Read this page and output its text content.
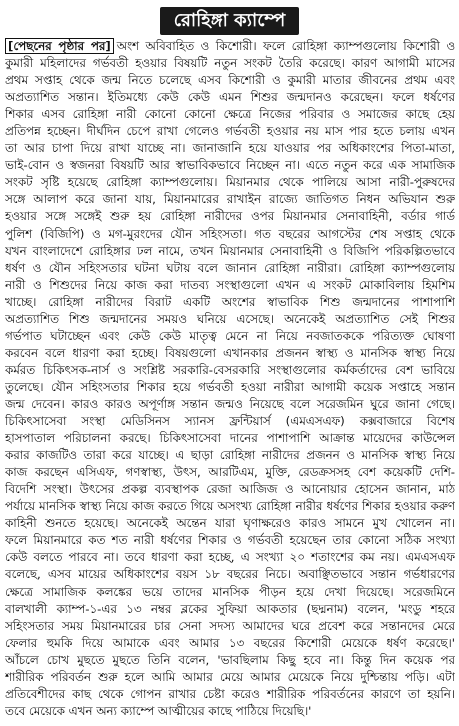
রোহিঙ্গা ক্যাম্পে
[পেছনের পৃষ্ঠার পর] অংশ অবিবাহিত ও কিশোরী। ফলে রোহিঙ্গা ক্যাম্পগুলোয় কিশোরী ও
কুমারী মহিলাদের গর্ভবতী হওয়ার বিষয়টি নতুন সংকট তৈরি করেছে। কারণ আগামী মাসের
প্রথম সপ্তাহ থেকে জন্ম নিতে চলেছে এসব কিশোরী ও কুমারী মাতার জীবনের প্রথম এবং
অপ্রত্যাশিত সন্তান। ইতিমধ্যে কেউ কেউ এমন শিশুর জন্মদানও করেছেন। ফলে ধর্ষণের
শিকার এসব রোহিঙ্গা নারী কোনো কোনো ক্ষেত্রে নিজের পরিবার ও সমাজের কাছে হেয়
প্রতিপন্ন হচ্ছেন। দীর্ঘদিন চেপে রাখা গেলেও গর্ভবতী হওয়ার নয় মাস পার হতে চলায় এখন
তা আর চাপা দিয়ে রাখা যাচ্ছে না। জানাজানি হয়ে যাওয়ার পর অধিকাংশের পিতা-মাতা,
ভাই-বোন ও স্বজনরা বিষয়টি আর স্বাভাবিকভাবে নিচ্ছেন না। এতে নতুন করে এক সামাজিক
সংকট সৃষ্টি হয়েছে রোহিঙ্গা ক্যাম্পগুলোয়। মিয়ানমার থেকে পালিয়ে আসা নারী-পুরুষদের
সঙ্গে আলাপ করে জানা যায়, মিয়ানমারের রাখাইন রাজ্যে জাতিগত নিধন অভিযান শুরু
হওয়ার সঙ্গে সঙ্গেই শুরু হয় রোহিঙ্গা নারীদের ওপর মিয়ানমার সেনাবাহিনী, বর্ডার গার্ড
পুলিশ (বিজিপি) ও মগ-মুরংদের যৌন সহিংসতা। গত বছরের আগস্টের শেষ সপ্তাহ থেকে
যখন বাংলাদেশে রোহিঙ্গার ঢল নামে, তখন মিয়ানমার সেনাবাহিনী ও বিজিপি পরিকল্পিতভাবে
ধর্ষণ ও যৌন সহিংসতার ঘটনা ঘটায় বলে জানান রোহিঙ্গা নারীরা। রোহিঙ্গা ক্যাম্পগুলোয়
নারী ও শিশুদের নিয়ে কাজ করা দাতব্য সংস্থাগুলো এখন এ সংকট মোকাবিলায় হিমশিম
খাচ্ছে। রোহিঙ্গা নারীদের বিরাট একটি অংশের স্বাভাবিক শিশু জন্মদানের পাশাপাশি
অপ্রত্যাশিত শিশু জন্মদানের সময়ও ঘনিয়ে এসেছে। অনেকেই অপ্রত্যাশিত সেই শিশুর
গর্ভপাত ঘটাচ্ছেন এবং কেউ কেউ মাতৃত্ব মেনে না নিয়ে নবজাতককে পরিত্যক্ত ঘোষণা
করবেন বলে ধারণা করা হচ্ছে। বিষয়গুলো এখানকার প্রজনন স্বাস্থ্য ও মানসিক স্বাস্থ্য নিয়ে
কর্মরত চিকিৎসক-নার্স ও সংশ্লিষ্ট সরকারি-বেসরকারি সংস্থাগুলোর কর্মকর্তাদের বেশ ভাবিয়ে
তুলেছে। যৌন সহিংসতার শিকার হয়ে গর্ভবতী হওয়া নারীরা আগামী কয়েক সপ্তাহে সন্তান
জন্ম দেবেন। কারও কারও অপূর্ণাঙ্গ সন্তান জন্মও নিয়েছে বলে সরেজমিন ঘুরে জানা গেছে।
চিকিৎসাসেবা সংস্থা মেডিসিনস স্যানস ফ্রন্টিয়ার্স (এমএসএফ) কক্সবাজারে বিশেষ
হাসপাতাল পরিচালনা করছে। চিকিৎসাসেবা দানের পাশাপাশি আক্রান্ত মায়েদের কাউন্সেল
করার কাজটিও তারা করে যাচ্ছে। এ ছাড়া রোহিঙ্গা নারীদের প্রজনন ও মানসিক স্বাস্থ্য নিয়ে
কাজ করছেন এসিএফ, গণস্বাস্থ্য, উৎস, আরটিএম, মুক্তি, রেডক্রসসহ বেশ কয়েকটি দেশি-
বিদেশি সংস্থা। উৎসের প্রকল্প ব্যবস্থাপক রেজা আজিজ ও আনোয়ার হোসেন জানান, মাঠ
পর্যায়ে মানসিক স্বাস্থ্য নিয়ে কাজ করতে গিয়ে অসংখ্য রোহিঙ্গা নারীর ধর্ষণের শিকার হওয়ার করুণ
কাহিনী শুনতে হয়েছে। অনেকেই অন্তেন যারা ঘৃণাক্ষরেও কারও সামনে মুখ খোলেন না।
ফলে মিয়ানমারে কত শত নারী ধর্ষণের শিকার ও গর্ভবতী হয়েছেন তার কোনো সঠিক সংখ্যা
কেউ বলতে পারবে না। তবে ধারণা করা হচ্ছে, এ সংখ্যা ২০ শতাংশের কম নয়। এমএসএফ
বলেছে, এসব মায়ের অধিকাংশের বয়স ১৮ বছরের নিচে। অবাঞ্ছিতভাবে সন্তান গর্ভধারণের
ক্ষেত্রে সামাজিক কলঙ্কের ভয়ে তাদের মানসিক পীড়ন হয়ে দেখা দিয়েছে। সরেজমিনে
বালখালী ক্যাম্প-১-এর ১৩ নম্বর ব্লকের সুফিয়া আকতার (ছদ্মনাম) বলেন, 'মংডু শহরে
সহিংসতার সময় মিয়ানমারের চার সেনা সদস্য আমাদের ঘরে প্রবেশ করে সন্তানদের মেরে
ফেলার হুমকি দিয়ে আমাকে এবং আমার ১৩ বছরের কিশোরী মেয়েকে ধর্ষণ করেছে।'
আঁচলে চোখ মুছতে মুছতে তিনি বলেন, 'ভাবছিলাম কিছু হবে না। কিন্তু দিন কয়েক পর
শারীরিক পরিবর্তন শুরু হলে আমি আমার মেয়ে আমার মেয়েকে নিয়ে দুশ্চিন্তায় পড়ি। এটা
প্রতিবেশীদের কাছ থেকে গোপন রাখার চেষ্টা করেও শারীরিক পরিবর্তনের কারণে তা হয়নি।
তবে মেয়েকে এখন অন্য ক্যাম্পে আত্মীয়ের কাছে পাঠিয়ে দিয়েছি।'
